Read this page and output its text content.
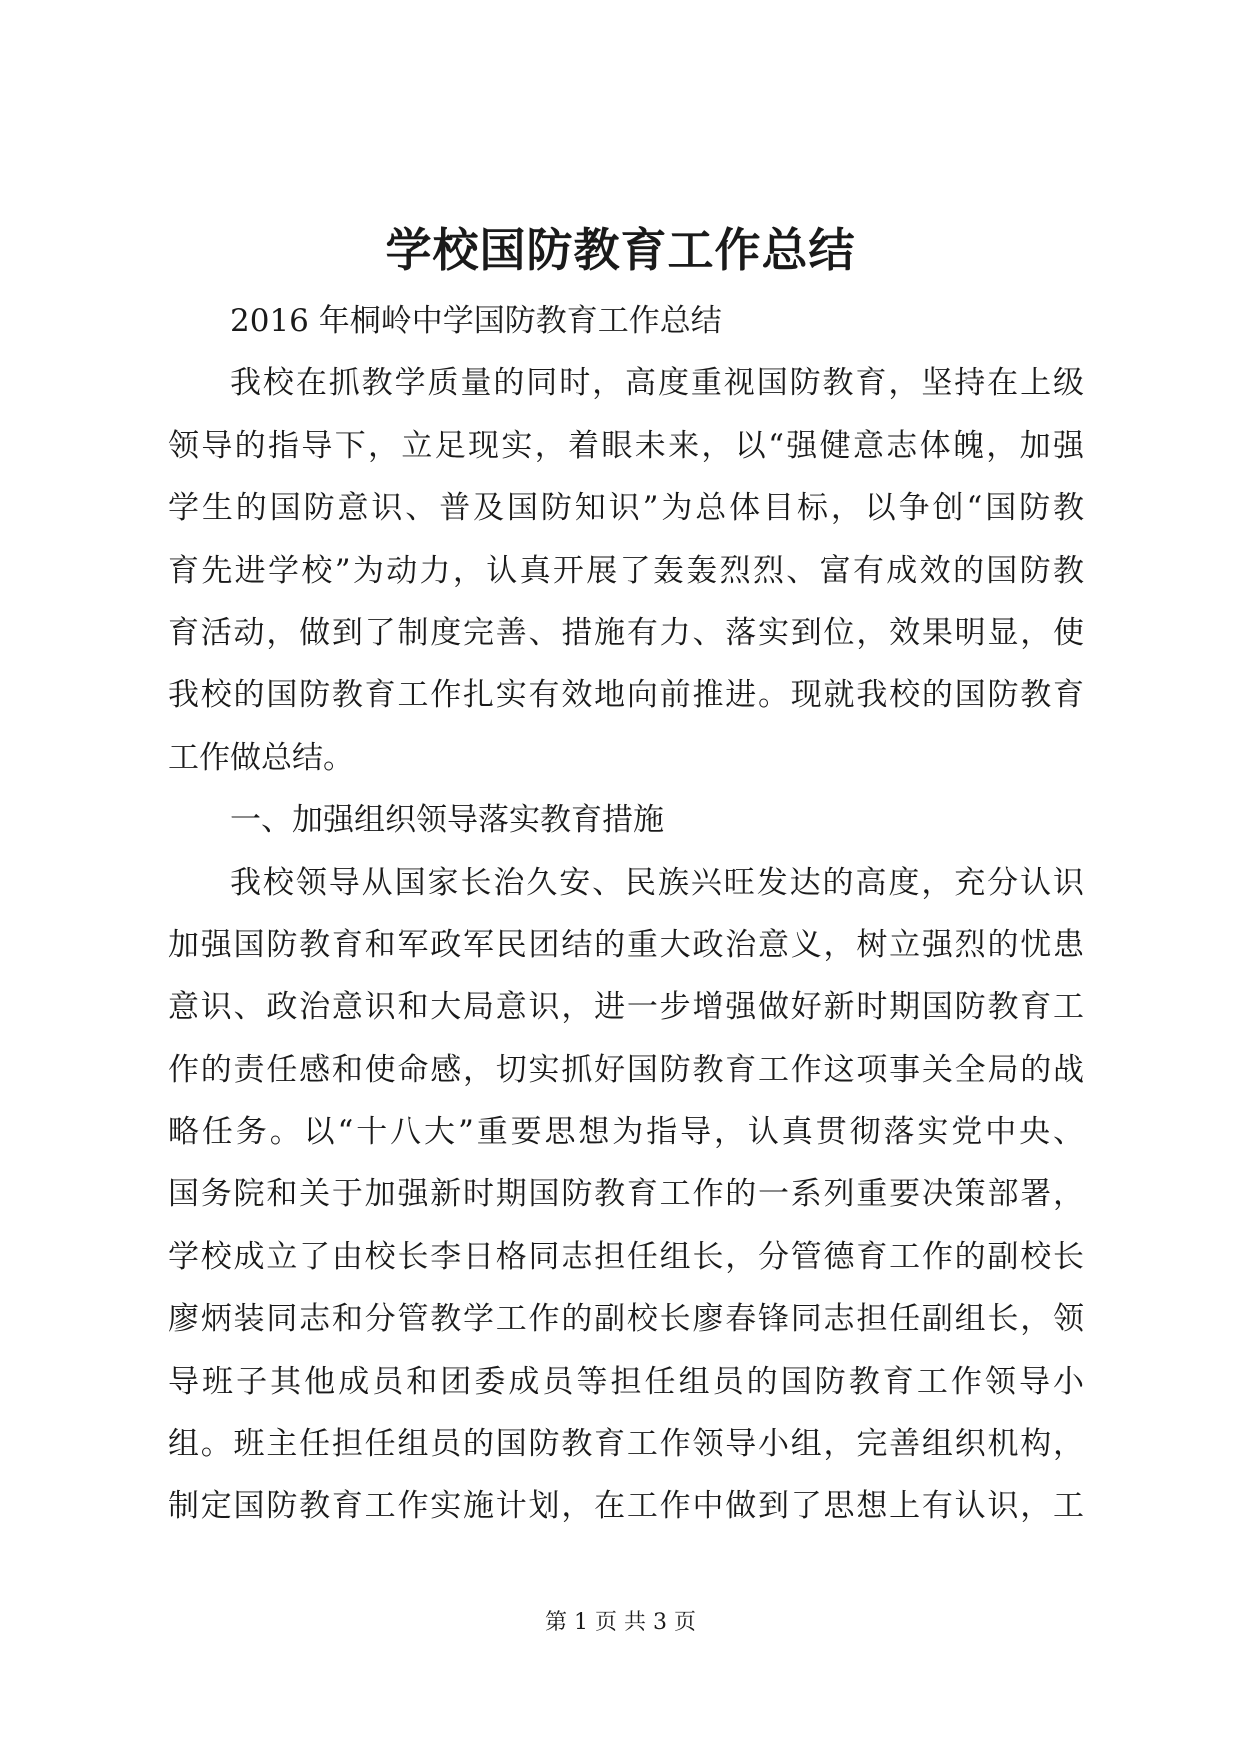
学校国防教育工作总结
2016 年桐岭中学国防教育工作总结
我校在抓教学质量的同时，高度重视国防教育，坚持在上级
领导的指导下，立足现实，着眼未来，以“强健意志体魄，加强
学生的国防意识、普及国防知识”为总体目标，以争创“国防教
育先进学校”为动力，认真开展了轰轰烈烈、富有成效的国防教
育活动，做到了制度完善、措施有力、落实到位，效果明显，使
我校的国防教育工作扎实有效地向前推进。现就我校的国防教育
工作做总结。
一、加强组织领导落实教育措施
我校领导从国家长治久安、民族兴旺发达的高度，充分认识
加强国防教育和军政军民团结的重大政治意义，树立强烈的忧患
意识、政治意识和大局意识，进一步增强做好新时期国防教育工
作的责任感和使命感，切实抓好国防教育工作这项事关全局的战
略任务。以“十八大”重要思想为指导，认真贯彻落实党中央、
国务院和关于加强新时期国防教育工作的一系列重要决策部署，
学校成立了由校长李日格同志担任组长，分管德育工作的副校长
廖炳装同志和分管教学工作的副校长廖春锋同志担任副组长，领
导班子其他成员和团委成员等担任组员的国防教育工作领导小
组。班主任担任组员的国防教育工作领导小组，完善组织机构，
制定国防教育工作实施计划，在工作中做到了思想上有认识，工
第 1 页 共 3 页
